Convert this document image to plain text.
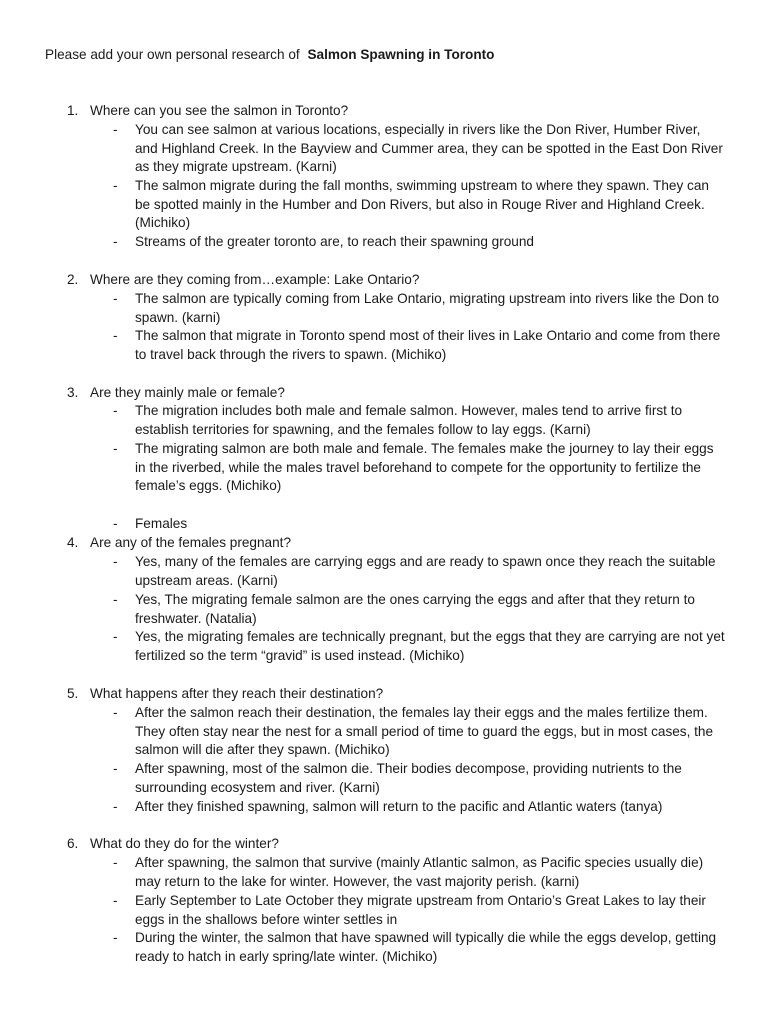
Please add your own personal research of Salmon Spawning in Toronto
1. Where can you see the salmon in Toronto?
- You can see salmon at various locations, especially in rivers like the Don River, Humber River, and Highland Creek. In the Bayview and Cummer area, they can be spotted in the East Don River as they migrate upstream. (Karni)
- The salmon migrate during the fall months, swimming upstream to where they spawn. They can be spotted mainly in the Humber and Don Rivers, but also in Rouge River and Highland Creek. (Michiko)
- Streams of the greater toronto are, to reach their spawning ground
2. Where are they coming from…example: Lake Ontario?
- The salmon are typically coming from Lake Ontario, migrating upstream into rivers like the Don to spawn. (karni)
- The salmon that migrate in Toronto spend most of their lives in Lake Ontario and come from there to travel back through the rivers to spawn. (Michiko)
3. Are they mainly male or female?
- The migration includes both male and female salmon. However, males tend to arrive first to establish territories for spawning, and the females follow to lay eggs. (Karni)
- The migrating salmon are both male and female. The females make the journey to lay their eggs in the riverbed, while the males travel beforehand to compete for the opportunity to fertilize the female’s eggs. (Michiko)
- Females
4. Are any of the females pregnant?
- Yes, many of the females are carrying eggs and are ready to spawn once they reach the suitable upstream areas. (Karni)
- Yes, The migrating female salmon are the ones carrying the eggs and after that they return to freshwater. (Natalia)
- Yes, the migrating females are technically pregnant, but the eggs that they are carrying are not yet fertilized so the term “gravid” is used instead. (Michiko)
5. What happens after they reach their destination?
- After the salmon reach their destination, the females lay their eggs and the males fertilize them. They often stay near the nest for a small period of time to guard the eggs, but in most cases, the salmon will die after they spawn. (Michiko)
- After spawning, most of the salmon die. Their bodies decompose, providing nutrients to the surrounding ecosystem and river. (Karni)
- After they finished spawning, salmon will return to the pacific and Atlantic waters (tanya)
6. What do they do for the winter?
- After spawning, the salmon that survive (mainly Atlantic salmon, as Pacific species usually die) may return to the lake for winter. However, the vast majority perish. (karni)
- Early September to Late October they migrate upstream from Ontario’s Great Lakes to lay their eggs in the shallows before winter settles in
- During the winter, the salmon that have spawned will typically die while the eggs develop, getting ready to hatch in early spring/late winter. (Michiko)
